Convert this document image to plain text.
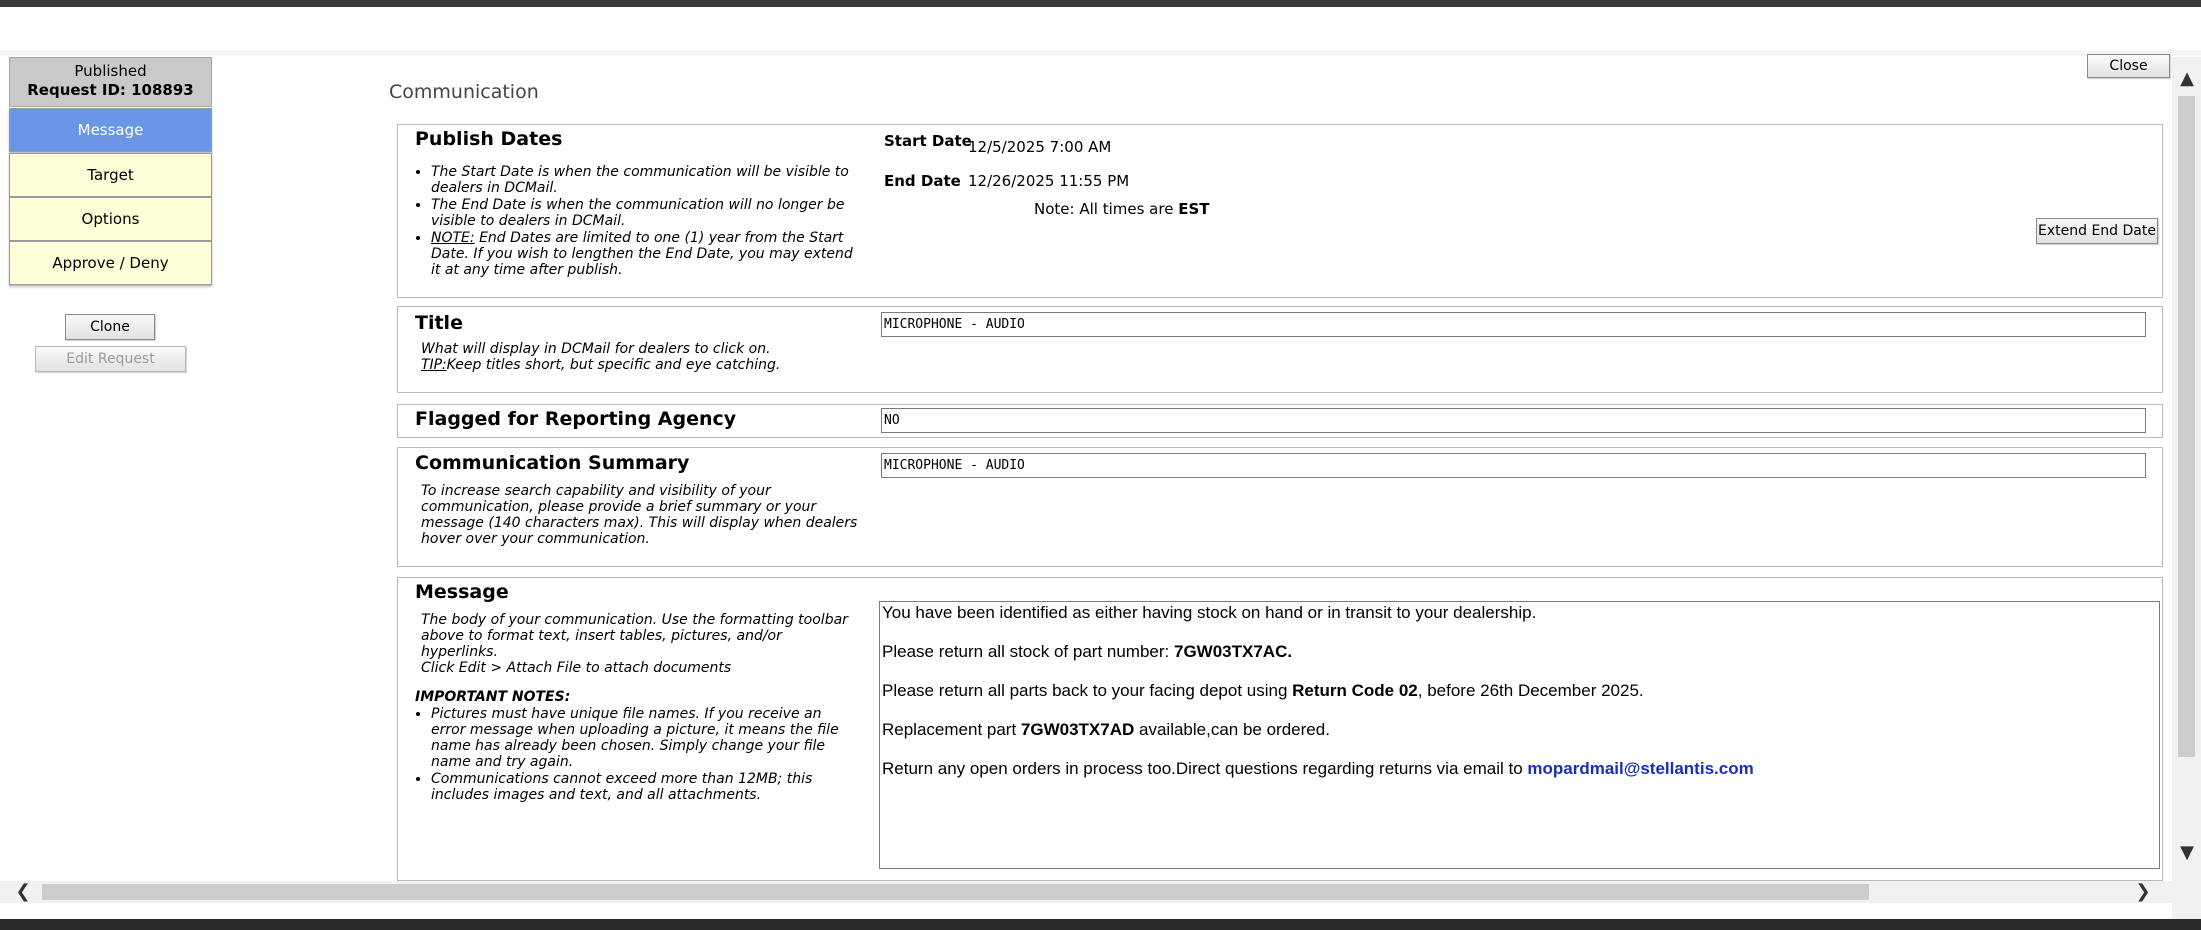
Published
Request ID: 108893
Message
Target
Options
Approve / Deny
Clone
Edit Request
Close
Communication
Publish Dates
• The Start Date is when the communication will be visible to dealers in DCMail.
• The End Date is when the communication will no longer be visible to dealers in DCMail.
• NOTE: End Dates are limited to one (1) year from the Start Date. If you wish to lengthen the End Date, you may extend it at any time after publish.
Start Date
12/5/2025 7:00 AM
End Date 12/26/2025 11:55 PM
Note: All times are EST
Extend End Date
Title
What will display in DCMail for dealers to click on.
TIP:Keep titles short, but specific and eye catching.
MICROPHONE - AUDIO
Flagged for Reporting Agency	NO
Communication Summary
To increase search capability and visibility of your communication, please provide a brief summary or your message (140 characters max). This will display when dealers hover over your communication.
MICROPHONE - AUDIO
Message
The body of your communication. Use the formatting toolbar above to format text, insert tables, pictures, and/or hyperlinks.
Click Edit > Attach File to attach documents
IMPORTANT NOTES:
• Pictures must have unique file names. If you receive an error message when uploading a picture, it means the file name has already been chosen. Simply change your file name and try again.
• Communications cannot exceed more than 12MB; this includes images and text, and all attachments.

You have been identified as either having stock on hand or in transit to your dealership.

Please return all stock of part number: 7GW03TX7AC.

Please return all parts back to your facing depot using Return Code 02, before 26th December 2025.

Replacement part 7GW03TX7AD available,can be ordered.

Return any open orders in process too.Direct questions regarding returns via email to mopardmail@stellantis.com

▲
▼
❮	❯
